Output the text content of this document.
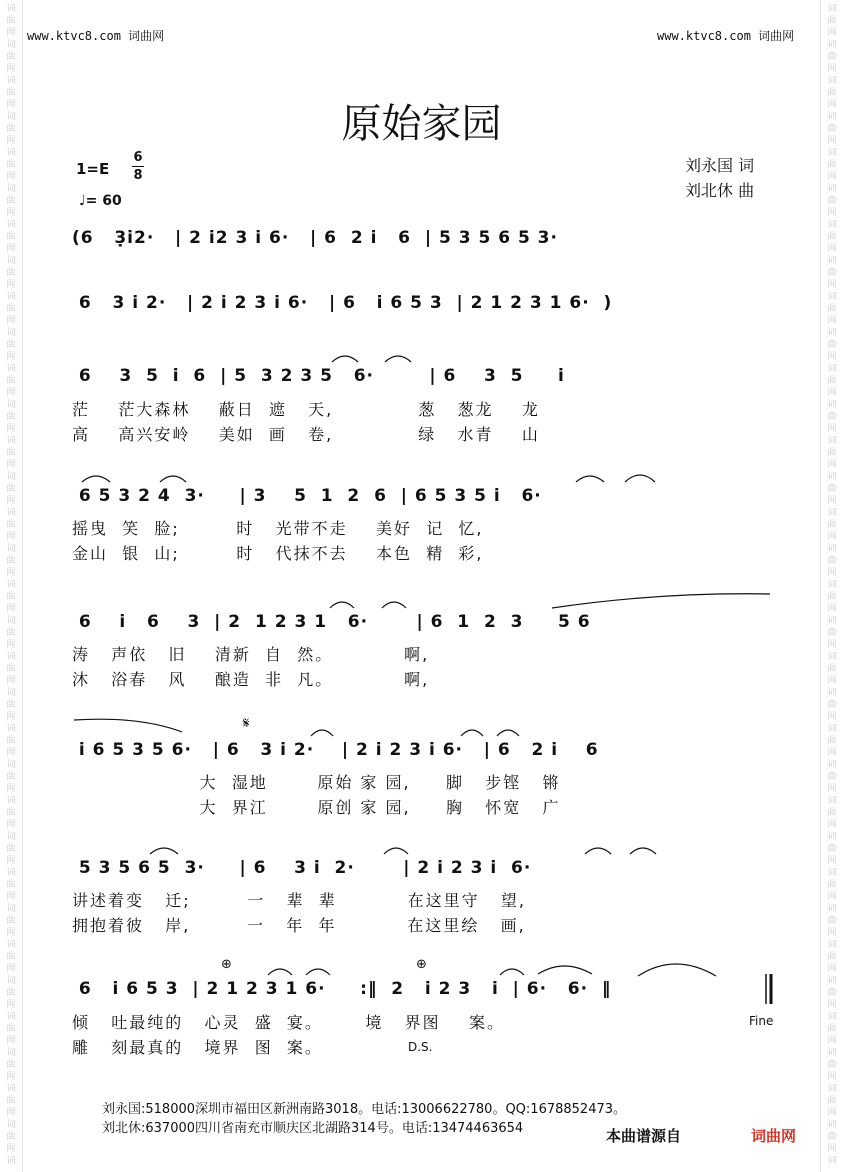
词
曲
网
词
曲
网
词
曲
网
词
曲
网
词
曲
网
词
曲
网
词
曲
网
词
曲
网
词
曲
网
词
曲
网
词
曲
网
词
曲
网
词
曲
网
词
曲
网
词
曲
网
词
曲
网
词
曲
网
词
曲
网
词
曲
网
词
曲
网
词
曲
网
词
曲
网
词
曲
网
词
曲
网
词
曲
网
词
曲
网
词
曲
网
词
曲
网
词
曲
网
词
曲
网
词
曲
网
词
曲
网
词
词
曲
网
词
曲
网
词
曲
网
词
曲
网
词
曲
网
词
曲
网
词
曲
网
词
曲
网
词
曲
网
词
曲
网
词
曲
网
词
曲
网
词
曲
网
词
曲
网
词
曲
网
词
曲
网
词
曲
网
词
曲
网
词
曲
网
词
曲
网
词
曲
网
词
曲
网
词
曲
网
词
曲
网
词
曲
网
词
曲
网
词
曲
网
词
曲
网
词
曲
网
词
曲
网
词
曲
网
词
曲
网
词
www.ktvc8.com 词曲网	www.ktvc8.com 词曲网
原始家园
1=E
6
8
♩= 60
刘永国 词
刘北休 曲
(6   3̣i2·   | 2 i2 3 i 6·   | 6  2 i   6  | 5 3 5 6 5 3·
6   3 i 2·   | 2 i 2 3 i 6·   | 6   i 6 5 3  | 2 1 2 3 1 6·  )
6    3  5  i  6  | 5  3 2 3 5   6·        | 6    3  5     i
茫    茫大森林    蔽日  遮   天,            葱   葱龙    龙
高    高兴安岭    美如  画   卷,            绿   水青    山
6 5 3 2 4  3·     | 3    5  1  2  6  | 6 5 3 5 i   6·
摇曳  笑  脸;        时   光带不走    美好  记  忆,
金山  银  山;        时   代抹不去    本色  精  彩,
6    i   6    3  | 2  1 2 3 1   6·       | 6  1  2  3     5 6
涛   声依   旧    清新  自  然。          啊,
沐   浴春   风    酿造  非  凡。          啊,
i 6 5 3 5 6·   | 6   3 i 2·    | 2 i 2 3 i 6·   | 6   2 i    6
大  湿地       原始 家 园,     脚   步铿   锵
大  界江       原创 家 园,     胸   怀宽   广
5 3 5 6 5  3·     | 6    3 i  2·       | 2 i 2 3 i  6·
讲述着变   迁;        一   辈  辈          在这里守   望,
拥抱着彼   岸,        一   年  年          在这里绘   画,
6   i 6 5 3  | 2 1 2 3 1 6·     :‖  2   i 2 3   i  | 6·   6·  ‖
倾   吐最纯的   心灵  盛  宴。      境   界图    案。
雕   刻最真的   境界  图  案。
𝄋
⊕	⊕
Fine
D.S.
刘永国:518000深圳市福田区新洲南路3018。电话:13006622780。QQ:1678852473。
刘北休:637000四川省南充市顺庆区北湖路314号。电话:13474463654	本曲谱源自	词曲网
